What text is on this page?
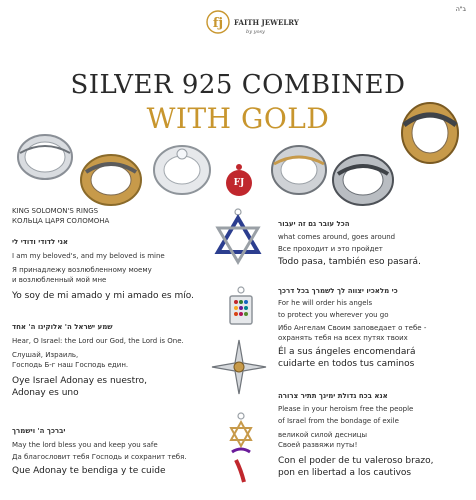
ב"ה
fj FAITH JEWELRY
by yosy
SILVER 925 COMBINED
WITH GOLD
FJ
KING SOLOMON'S RINGS
КОЛЬЦА ЦАРЯ СОЛОМОНА
אני לדודי ודודי לי
I am my beloved's, and my beloved is mine
Я принадлежу возлюбленному моему
и возлюбленный мой мне
Yo soy de mi amado y mi amado es mío.
שמע ישראל ה' אלוקינו ה' אחד
Hear, O Israel: the Lord our God, the Lord is One.
Слушай, Израиль,
Господь Б-г наш Господь един.
Oye Israel Adonay es nuestro,
Adonay es uno
יברכך ה' וישמרך
May the lord bless you and keep you safe
Да благословит тебя Господь и сохранит тебя.
Que Adonay te bendiga y te cuide
הכל עובר גם זה יעבור
what comes around, goes around
Все проходит и это пройдет
Todo pasa, también eso pasará.
כי מלאכיו יצווה לך לשמרך בכל דרכך
For he will order his angels
to protect you wherever you go
Ибо Ангелам Своим заповедает о тебе -
охранять тебя на всех путях твоих
Él a sus ángeles encomendará
cuidarte en todos tus caminos
אנא בכח גדולת ימינך תתיר צרורה
Please in your heroism free the people
of Israel from the bondage of exile
великой силой десницы
Своей развяжи путы!
Con el poder de tu valeroso brazo,
pon en libertad a los cautivos
